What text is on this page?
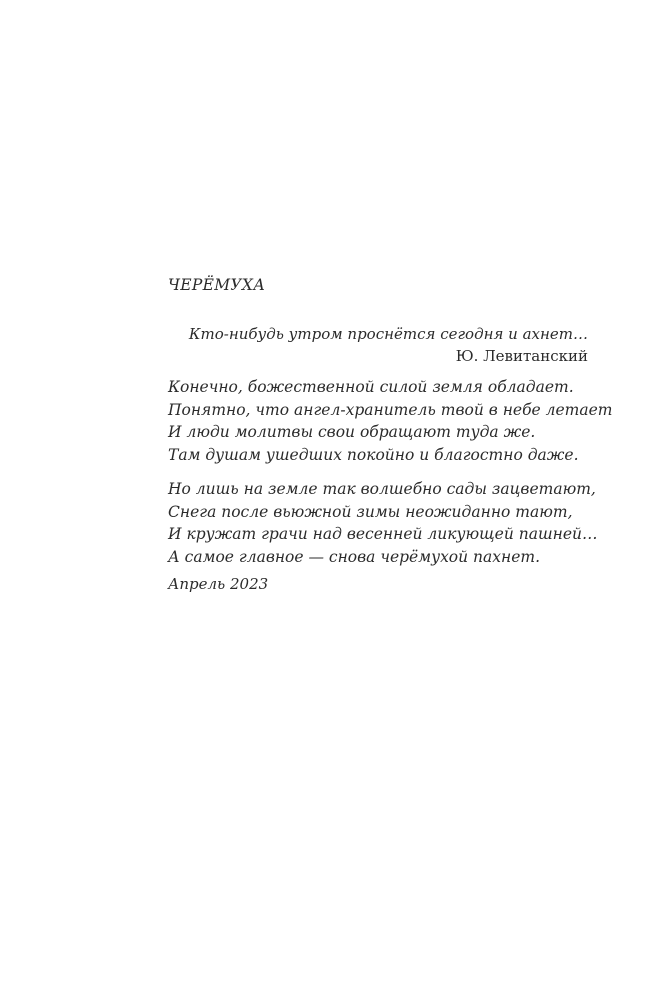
ЧЕРЁМУХА
Кто-нибудь утром проснётся сегодня и ахнет…
Ю. Левитанский
Конечно, божественной силой земля обладает.
Понятно, что ангел-хранитель твой в небе летает
И люди молитвы свои обращают туда же.
Там душам ушедших покойно и благостно даже.
Но лишь на земле так волшебно сады зацветают,
Снега после вьюжной зимы неожиданно тают,
И кружат грачи над весенней ликующей пашней…
А самое главное — снова черёмухой пахнет.
Апрель 2023
